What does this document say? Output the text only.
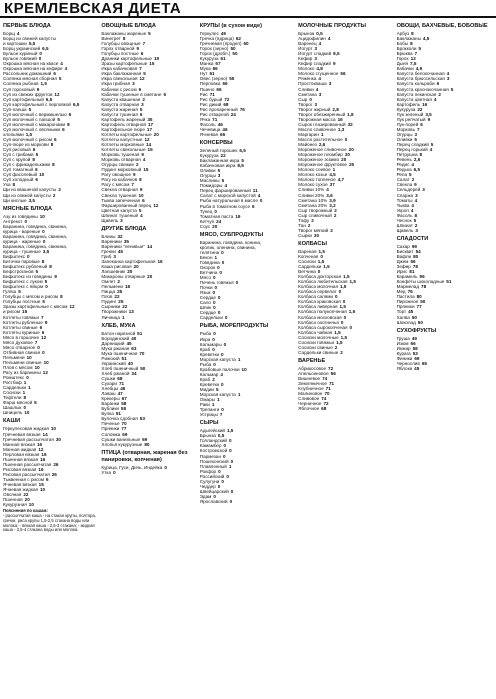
КРЕМЛЕВСКАЯ ДИЕТА
ПЕРВЫЕ БЛЮДА
Борщ 4
Борщ из свежей капусты
и картошки 5,5
Борщ украинский 6,5
Бульон куриный 0
Бульон говяжий 0
Окрошка мясная на квасе 4
Окрошка мясная на кефире 4
Рассольник домашний 6
Солянка мясная сборная 5
Солянка рыбная 1,5
Суп гороховый 9
Суп из свежих фруктов 12
Суп картофельный 6,5
Суп картофельный с перловкой 6,5
Суп-лапша 5
Суп молочный с вермишелью 6
Суп молочный с лапшой 5
Суп молочный с макаронами 8
Суп молочный с овсяными 6
хлопьями 1,5
Суп молочный с рисом 6
Суп-пюре из моркови 8
Суп рисовый 6
Суп с грибами 5
Суп с крупой 8
Суп с фрикадельками 8
Суп томатный 6
Суп фасолевый 10
Суп холодный 6
Уха 8
Щи из квашеной капусты 2
Щи из свежей капусты 2
Щи кислые 3,5
МЯСНЫЕ БЛЮДА
Азу из говядины 10
Антрекот 0
Баранина, говядина, свинина,
курица - вареные 0
Баранина, говядина, свинина,
курица - жареные 0
Баранина, говядина, свинина,
курица - тушеные 3,5
Бифштекс 0
Биточки паровые 8
Бифштекс рубленый 8
Бефстроганов 5
Бифштекс из говядины 9
Бифштекс с луком 5
Бифштекс с яйцом 0
Гуляш 5
Голубцы с мясом и рисом 8
Голубцы постные 5
Зразы картофельные с мясом 12
и рисом 15
Котлеты говяжьи 7
Котлеты рубленые 9
Котлеты свиные 6
Котлеты куриные 6
Мясо в горшочке 12
Мясо духовое 7
Мясо отварное 0
Отбивная свиная 0
Пельмени 10
Пельмени свиные 10
Плов с мясом 10
Рагу из баранины 12
Ромштекс 0
Ростбиф 1
Сардельки 1
Сосиски 1
Тефтели 8
Фарш мясной 5
Шашлык 0
Шницель 10
КАШИ
Геркулесовая жидкая 10
Гречневая вязкая 14
Гречневая рассыпчатая 30
Манная вязкая 16
Манная жидкая 12
Перловая вязкая 16
Пшенная вязкая 16
Пшенная рассыпчатая 26
Рисовая вязкая 16
Рисовая рассыпчатая 26
Тыквенная с рисом 6
Ячневая вязкая 15
Ячневая жидкая 10
Овсяная 22
Пшенная 20
Кукурузная 10
Пояснения по кашам:
- рассыпчатая каша - на стакан крупы, полтора, гречки, риса крупы 1,5-2,5 стакана воды или молока; - вязкая каша - 2,5-3 стакана; - жидкая каша - 3,5-4 стакана воды или молока.
ОВОЩНЫЕ БЛЮДА
Баклажаны жареные 5
Винегрет 8
Голубцы овощные 7
Горох отварной 9
Голубцы постные 6
Драники картофельные 19
Зразы картофельные 15
Икра кабачковая 7
Икра баклажанная 5
Икра свекольная 12
Икра грибная 3
Кабачки с рисом 6
Кабачки тушеные в сметане 6
Капуста квашеная 2
Капуста отварная 3
Капуста жареная 5
Капуста тушеная 6
Картофель жареный 35
Картофель отварной 17
Картофельное пюре 17
Котлеты картофельные 20
Котлеты капустные 12
Котлеты морковные 14
Котлеты свекольные 15
Морковь тушеная 9
Морковь отварная 4
Огурцы свежие 2
Пудинг морковный 15
Рагу овощное 9
Рагу из кабачков 8
Рагу с мясом 7
Свекла отварная 9
Свекла тушеная 10
Тыква запеченная 6
Фаршированный перец 12
Цветная капуста 5
Шпинат тушеный 4
Щавель 3
ДРУГИЕ БЛЮДА
Блины 32
Вареники 35
Вареники "ленивые" 14
Гренки 45
Гриб 3
Запеканка картофельная 16
Каша рисовая 20
Лапшевник 20
Макароны отварные 20
Омлет 2
Пельмени 18
Пицца 25
Плов 22
Пудинг 25
Сырники 22
Творожники 13
Яичница 1
ХЛЕБ, МУКА
Батон нарезной 51
Бородинский 40
Дарницкий 45
Мука ржаная 63
Мука пшеничная 70
Рижский 51
Украинский 40
Хлеб пшеничный 50
Хлеб ржаной 34
Сушки 68
Сухари 71
Хлебцы 46
Лаваш 47
Крекеры 67
Баранки 58
Бублики 58
Булка 51
Булочка сдобная 53
Печенье 70
Пряники 77
Соломка 69
Сушки ванильные 69
Хлопья кукурузные 80
ПТИЦА (отварная, жареная без панировки, копченая)
Курица, Гуси, Дичь, Индейка 0
Утка 0
КРУПЫ (в сухом виде)
Геркулес 49
Гречка (ядрица) 62
Гречневая (продел) 60
Горох (зерно) 50
Горох (дробл.) 50
Кукуруза 61
Манка 67
Мука 66
Нут 61
Овес (зерно) 55
Перловка 66
Пшено 66
Рис 71
Рис бурый 72
Рис дикий 68
Рис пропаренный 76
Рис отварной 24
Ячка 71
Фасоль 46
Чечевица 46
Ячневая 66
КОНСЕРВЫ
Зеленый горошек 6,5
Кукуруза 22
Баклажанная икра 5
Кабачковая икра 8,5
Оливки 5
Огурцы 3
Маслины 5
Помидоры 4
Перец фаршированный 11
Салат с морской капустой 4
Рыба натуральная в масле 0
Рыба в томатном соусе 6
Тунец 0
Томатная паста 19
Кетчуп 24
Соус 20
МЯСО, СУБПРОДУКТЫ
Баранина, говядина, конина,
кролик, оленина, свинина,
телятина 0
Бекон 1
Говядина 0
Окорок 0
Ветчина 0
Мясо 0
Печень говяжья 0
Почки 0
Язык 0
Сердце 0
Сало 0
Шпик 0
Сердце 0
Сардельки 0
РЫБА, МОРЕПРОДУКТЫ
Рыба 0
Икра 0
Кальмары 0
Краб 0
Креветки 0
Морская капуста 1
Рыба 0
Крабовые палочки 10
Кальмар 4
Краб 2
Креветки 0
Мидии 5
Морская капуста 1
Омары 1
Раки 1
Трепанги 0
Устрицы 7
СЫРЫ
Адыгейский 1,5
Брынза 0,5
Голландский 0
Камамбер 0
Костромской 0
Пармезан 0
Пошехонский 0
Плавленный 1
Рокфор 0
Российский 0
Сулугуни 0
Чеддер 0
Швейцарский 0
Эдам 0
Ярославский 0
МОЛОЧНЫЕ ПРОДУКТЫ
Брынза 0,5
Ацидофилин 4
Варенец 4
Йогурт 3
Йогурт сладкий 8,5
Кефир 3
Кефир сладкий 9
Молоко 4,8
Молоко сгущенное 56
Ряженка 4
Простокваша 3
Сливки 4
Сметана 3
Сыр 0
Творог 3
Творог жирный 2,8
Творог обезжиренный 1,8
Творожная масса 16
Сырок глазированный 32
Масло сливочное 1,3
Маргарин 1
Масло растительное 0
Майонез 2,6
Мороженое сливочное 20
Мороженое пломбир 20
Мороженое эскимо 20
Мороженое фруктовое 25
Молоко соевое 1
Молоко козье 4,5
Молоко топленое 4,7
Молоко сухое 37
Сливки 10% 4
Сливки 20% 3,6
Сметана 10% 3,9
Сметана 20% 3,2
Сыр творожный 2
Сыр сливочный 2
Тофу 2
Тан 2
Творог мягкий 2
Сырки 30
КОЛБАСЫ
Вареная 1,5
Копченая 0
Сосиски 1,5
Сардельки 1,5
Ветчина 0
Колбаса докторская 1,5
Колбаса любительская 1,5
Колбаса молочная 1,5
Колбаса сервелат 0
Колбаса салями 0
Колбаса краковская 0
Колбаса ливерная 1,5
Колбаса полукопченая 1,5
Колбаса московская 0
Колбаса охотничья 0
Колбаса сырокопченая 0
Колбаса чайная 1,5
Сосиски молочные 1,5
Сосиски говяжьи 1,5
Сосиски свиные 2
Сардельки свиные 2
ВАРЕНЬЕ
Абрикосовое 72
Апельсиновое 56
Вишневое 74
Земляничное 71
Клубничное 71
Малиновое 70
Сливовое 74
Черничное 72
Яблочное 68
ОВОЩИ, БАХЧЕВЫЕ, БОБОВЫЕ
Арбуз 8
Баклажаны 4,5
Бобы 8
Брокколи 5
Брюква 7
Горох 12
Дыня 7,5
Кабачки 4,9
Капуста белокочанная 4
Капуста брюссельская 3
Капуста кольраби 6
Капуста краснокочанная 5
Капуста пекинская 2
Капуста цветная 4
Картофель 16
Кукуруза 22
Лук зеленый 3,5
Лук репчатый 9
Лук-порей 6
Морковь 7
Огурцы 3
Оливки 5
Перец сладкий 5
Перец горький 4
Петрушка 8
Ревень 2,5
Редис 4
Редька 6,5
Репа 5
Салат 2
Свекла 9
Сельдерей 3
Спаржа 3
Томаты 4
Тыква 4
Укроп 4
Фасоль 8
Чеснок 5
Шпинат 2
Щавель 3
СЛАДОСТИ
Сахар 99
Бисквит 54
Вафли 80
Джем 56
Зефир 78
Ирис 81
Карамель 96
Конфеты шоколадные 51
Мармелад 78
Мед 75
Пастила 80
Пирожное 50
Пряники 77
Торт 45
Халва 50
Шоколад 50
СУХОФРУКТЫ
Груша 49
Изюм 66
Инжир 58
Курага 53
Финики 69
Чернослив 65
Яблоки 45
